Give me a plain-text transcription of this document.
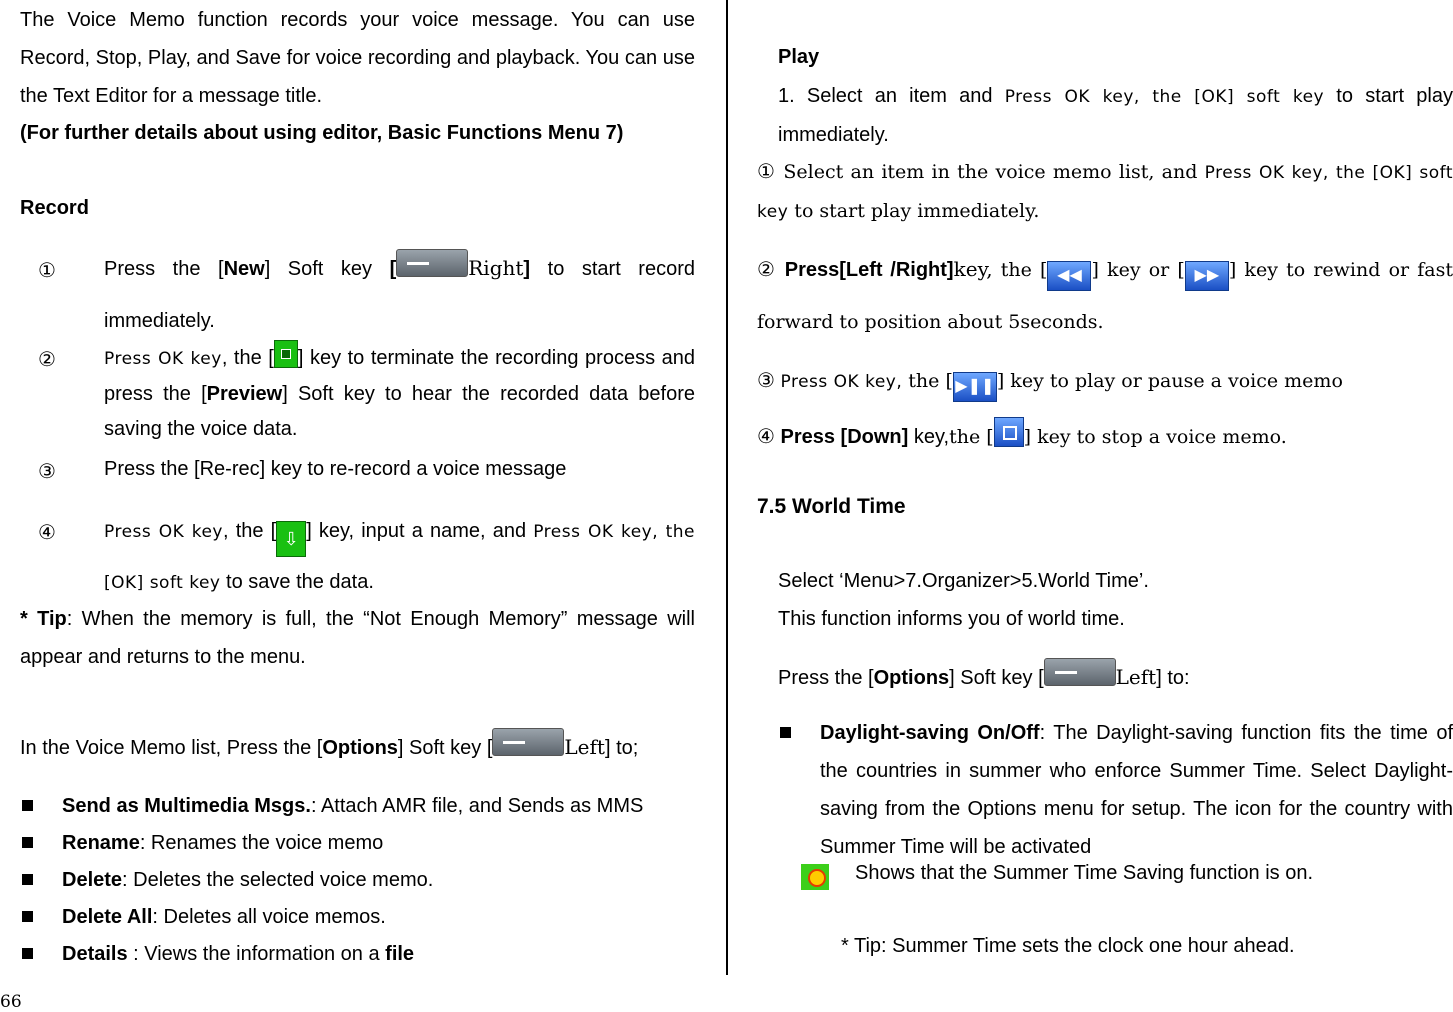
The Voice Memo function records your voice message. You can use Record, Stop, Play, and Save for voice recording and playback. You can use the Text Editor for a message title.
(For further details about using editor, Basic Functions Menu 7)
Record
①	Press the [New] Soft key [	Right] to start record immediately.
②	Press OK key, the [ ] key to terminate the recording process and press the [Preview] Soft key to hear the recorded data before saving the voice data.
③	Press the [Re-rec] key to re-record a voice message
④	Press OK key, the [ ⇩ ] key, input a name, and Press OK key, the [OK] soft key to save the data.
* Tip: When the memory is full, the “Not Enough Memory” message will appear and returns to the menu.
In the Voice Memo list, Press the [Options] Soft key [	Left] to;
Send as Multimedia Msgs.: Attach AMR file, and Sends as MMS
Rename: Renames the voice memo
Delete: Deletes the selected voice memo.
Delete All: Deletes all voice memos.
Details : Views the information on a file
Play
1. Select an item and Press OK key, the [OK] soft key to start play immediately.
① Select an item in the voice memo list, and Press OK key, the [OK] soft key to start play immediately.
② Press[Left /Right]key, the [ ◀◀ ] key or [ ▶▶ ] key to rewind or fast forward to position about 5seconds.
③ Press OK key, the [ ▶❚❚ ] key to play or pause a voice memo
④ Press [Down] key,the [ ] key to stop a voice memo.
7.5 World Time
Select ‘Menu>7.Organizer>5.World Time’.
This function informs you of world time.
Press the [Options] Soft key [	Left] to:
Daylight-saving On/Off: The Daylight-saving function fits the time of the countries in summer who enforce Summer Time. Select Daylight-saving from the Options menu for setup. The icon for the country with Summer Time will be activated
Shows that the Summer Time Saving function is on.
* Tip: Summer Time sets the clock one hour ahead.
66
